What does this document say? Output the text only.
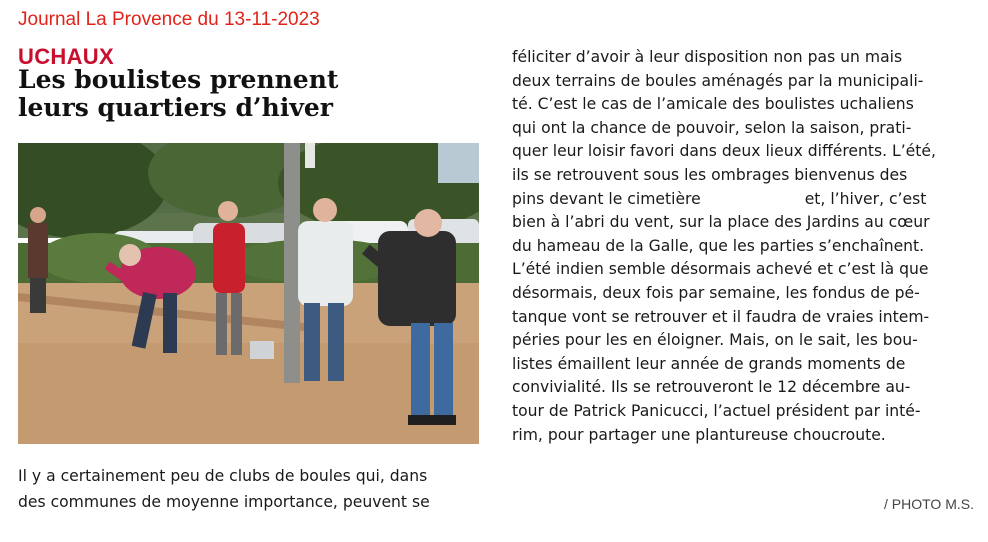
Journal La Provence du 13-11-2023
UCHAUX
Les boulistes prennent
leurs quartiers d’hiver
Il y a certainement peu de clubs de boules qui, dans
des communes de moyenne importance, peuvent se
féliciter d’avoir à leur disposition non pas un mais
deux terrains de boules aménagés par la municipali-
té. C’est le cas de l’amicale des boulistes uchaliens
qui ont la chance de pouvoir, selon la saison, prati-
quer leur loisir favori dans deux lieux différents. L’été,
ils se retrouvent sous les ombrages bienvenus des
pins devant le cimetière	et, l’hiver, c’est
bien à l’abri du vent, sur la place des Jardins au cœur
du hameau de la Galle, que les parties s’enchaînent.
L’été indien semble désormais achevé et c’est là que
désormais, deux fois par semaine, les fondus de pé-
tanque vont se retrouver et il faudra de vraies intem-
péries pour les en éloigner. Mais, on le sait, les bou-
listes émaillent leur année de grands moments de
convivialité. Ils se retrouveront le 12 décembre au-
tour de Patrick Panicucci, l’actuel président par inté-
rim, pour partager une plantureuse choucroute.
/ PHOTO M.S.
